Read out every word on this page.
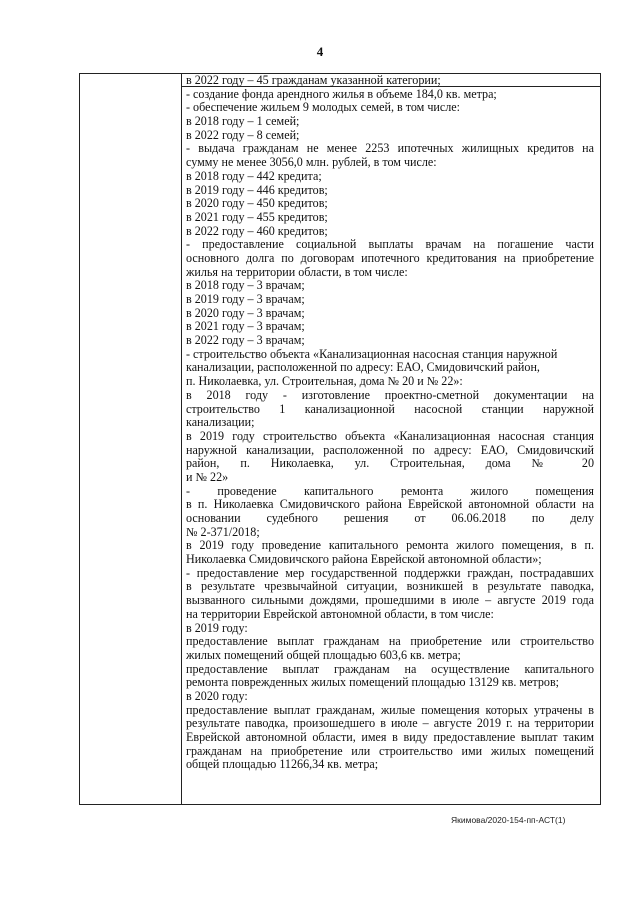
4
в 2022 году – 45 гражданам указанной категории;
- создание фонда арендного жилья в объеме 184,0 кв. метра;
- обеспечение жильем 9 молодых семей, в том числе:
в 2018 году – 1 семей;
в 2022 году – 8 семей;
- выдача гражданам не менее 2253 ипотечных жилищных кредитов на
сумму не менее 3056,0 млн. рублей, в том числе:
в 2018 году – 442 кредита;
в 2019 году – 446 кредитов;
в 2020 году – 450 кредитов;
в 2021 году – 455 кредитов;
в 2022 году – 460 кредитов;
- предоставление социальной выплаты врачам на погашение части
основного долга по договорам ипотечного кредитования на приобретение
жилья на территории области, в том числе:
в 2018 году – 3 врачам;
в 2019 году – 3 врачам;
в 2020 году – 3 врачам;
в 2021 году – 3 врачам;
в 2022 году – 3 врачам;
- строительство объекта «Канализационная насосная станция наружной
канализации, расположенной по адресу: ЕАО, Смидовичский район,
п. Николаевка, ул. Строительная, дома № 20 и № 22»:
в 2018 году - изготовление проектно-сметной документации на
строительство 1 канализационной насосной станции наружной
канализации;
в 2019 году строительство объекта «Канализационная насосная станция
наружной канализации, расположенной по адресу: ЕАО, Смидовичский
район, п. Николаевка, ул. Строительная, дома № 20
и № 22»
- проведение капитального ремонта жилого помещения
в п. Николаевка Смидовичского района Еврейской автономной области на
основании судебного решения от 06.06.2018 по делу
№ 2-371/2018;
в 2019 году проведение капитального ремонта жилого помещения, в п.
Николаевка Смидовичского района Еврейской автономной области»;
- предоставление мер государственной поддержки граждан, пострадавших
в результате чрезвычайной ситуации, возникшей в результате паводка,
вызванного сильными дождями, прошедшими в июле – августе 2019 года
на территории Еврейской автономной области, в том числе:
в 2019 году:
предоставление выплат гражданам на приобретение или строительство
жилых помещений общей площадью 603,6 кв. метра;
предоставление выплат гражданам на осуществление капитального
ремонта поврежденных жилых помещений площадью 13129 кв. метров;
в 2020 году:
предоставление выплат гражданам, жилые помещения которых утрачены в
результате паводка, произошедшего в июле – августе 2019 г. на территории
Еврейской автономной области, имея в виду предоставление выплат таким
гражданам на приобретение или строительство ими жилых помещений
общей площадью 11266,34 кв. метра;
Якимова/2020-154-пп-АСТ(1)
